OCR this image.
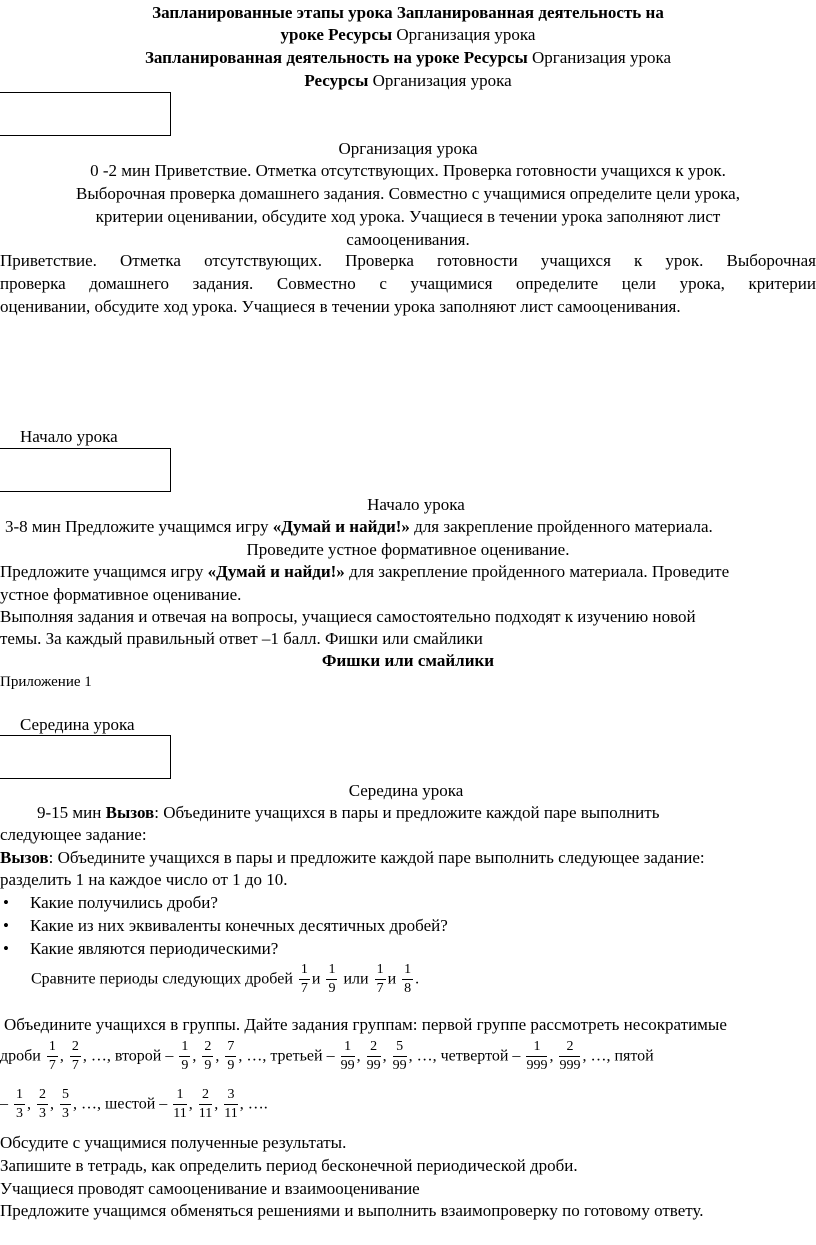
Запланированные этапы урока Запланированная деятельность на
уроке Ресурсы Организация урока
Запланированная деятельность на уроке Ресурсы Организация урока
Ресурсы Организация урока
Организация урока
0 -2 мин Приветствие. Отметка отсутствующих. Проверка готовности учащихся к урок.
Выборочная проверка домашнего задания. Совместно с учащимися определите цели урока,
критерии оценивании, обсудите ход урока. Учащиеся в течении урока заполняют лист
самооценивания.
Приветствие. Отметка отсутствующих. Проверка готовности учащихся к урок. Выборочная
проверка домашнего задания. Совместно с учащимися определите цели урока, критерии
оценивании, обсудите ход урока. Учащиеся в течении урока заполняют лист самооценивания.
Начало урока
Начало урока
3-8 мин Предложите учащимся игру «Думай и найди!» для закрепление пройденного материала.
Проведите устное формативное оценивание.
Предложите учащимся игру «Думай и найди!» для закрепление пройденного материала. Проведите
устное формативное оценивание.
Выполняя задания и отвечая на вопросы, учащиеся самостоятельно подходят к изучению новой
темы. За каждый правильный ответ –1 балл. Фишки или смайлики
Фишки или смайлики
Приложение 1
Середина урока
Середина урока
9-15 мин Вызов: Объедините учащихся в пары и предложите каждой паре выполнить
следующее задание:
Вызов: Объедините учащихся в пары и предложите каждой паре выполнить следующее задание:
разделить 1 на каждое число от 1 до 10.
• Какие получились дроби?
• Какие из них эквиваленты конечных десятичных дробей?
• Какие являются периодическими?
Сравните периоды следующих дробей $\frac{1}{7}$ и $\frac{1}{9}$ или $\frac{1}{7}$ и $\frac{1}{8}$ .
Объедините учащихся в группы. Дайте задания группам: первой группе рассмотреть несократимые
дроби $\frac{1}{7}$ , $\frac{2}{7}$ , …, второй – $\frac{1}{9}$ , $\frac{2}{9}$ , $\frac{7}{9}$ , …, третьей – $\frac{1}{99}$ , $\frac{2}{99}$ , $\frac{5}{99}$ , …, четвертой – $\frac{1}{999}$ , $\frac{2}{999}$ , …, пятой
– $\frac{1}{3}$ , $\frac{2}{3}$ , $\frac{5}{3}$ , …, шестой – $\frac{1}{11}$ , $\frac{2}{11}$ , $\frac{3}{11}$ , ….
Обсудите с учащимися полученные результаты.
Запишите в тетрадь, как определить период бесконечной периодической дроби.
Учащиеся проводят самооценивание и взаимооценивание
Предложите учащимся обменяться решениями и выполнить взаимопроверку по готовому ответу.
